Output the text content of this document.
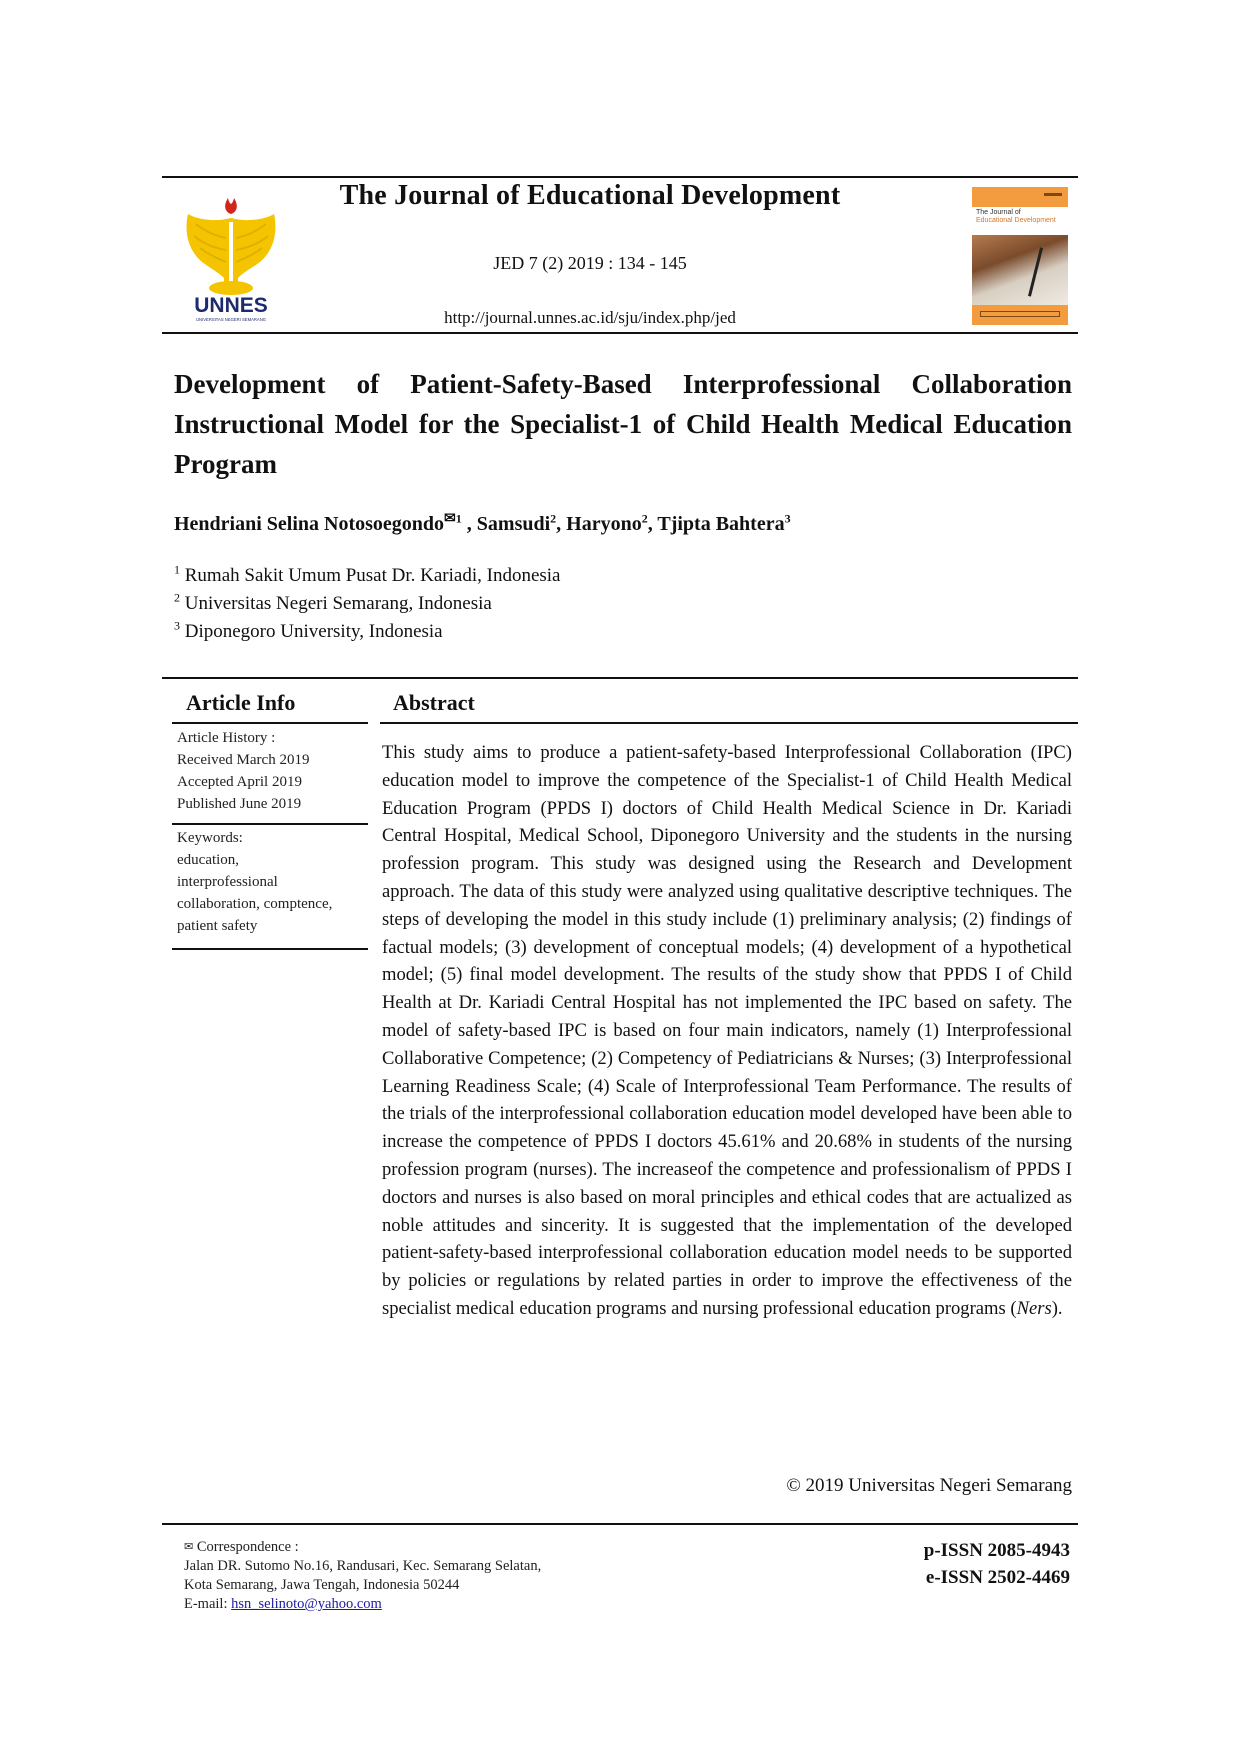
UNNES
UNIVERSITAS NEGERI SEMARANG
The Journal of Educational Development
JED 7 (2) 2019 : 134 - 145
http://journal.unnes.ac.id/sju/index.php/jed
The Journal of
Educational Development
Development of Patient-Safety-Based Interprofessional Collaboration Instructional Model for the Specialist-1 of Child Health Medical Education Program
Hendriani Selina Notosoegondo$^{✉1}$ , Samsudi$^2$, Haryono$^2$, Tjipta Bahtera$^3$
$^1$ Rumah Sakit Umum Pusat Dr. Kariadi, Indonesia
$^2$ Universitas Negeri Semarang, Indonesia
$^3$ Diponegoro University, Indonesia
Article Info	Abstract
Article History :
Received March 2019
Accepted April 2019
Published June 2019
Keywords:
education,
interprofessional
collaboration, comptence,
patient safety
This study aims to produce a patient-safety-based Interprofessional Collaboration (IPC) education model to improve the competence of the Specialist-1 of Child Health Medical Education Program (PPDS I) doctors of Child Health Medical Science in Dr. Kariadi Central Hospital, Medical School, Diponegoro University and the students in the nursing profession program. This study was designed using the Research and Development approach. The data of this study were analyzed using qualitative descriptive techniques. The steps of developing the model in this study include (1) preliminary analysis; (2) findings of factual models; (3) development of conceptual models; (4) development of a hypothetical model; (5) final model development. The results of the study show that PPDS I of Child Health at Dr. Kariadi Central Hospital has not implemented the IPC based on safety. The model of safety-based IPC is based on four main indicators, namely (1) Interprofessional Collaborative Competence; (2) Competency of Pediatricians & Nurses; (3) Interprofessional Learning Readiness Scale; (4) Scale of Interprofessional Team Performance. The results of the trials of the interprofessional collaboration education model developed have been able to increase the competence of PPDS I doctors 45.61% and 20.68% in students of the nursing profession program (nurses). The increaseof the competence and professionalism of PPDS I doctors and nurses is also based on moral principles and ethical codes that are actualized as noble attitudes and sincerity. It is suggested that the implementation of the developed patient-safety-based interprofessional collaboration education model needs to be supported by policies or regulations by related parties in order to improve the effectiveness of the specialist medical education programs and nursing professional education programs (Ners).
© 2019 Universitas Negeri Semarang
✉ Correspondence :
Jalan DR. Sutomo No.16, Randusari, Kec. Semarang Selatan,
Kota Semarang, Jawa Tengah, Indonesia 50244
E-mail: hsn_selinoto@yahoo.com
p-ISSN 2085-4943
e-ISSN 2502-4469
